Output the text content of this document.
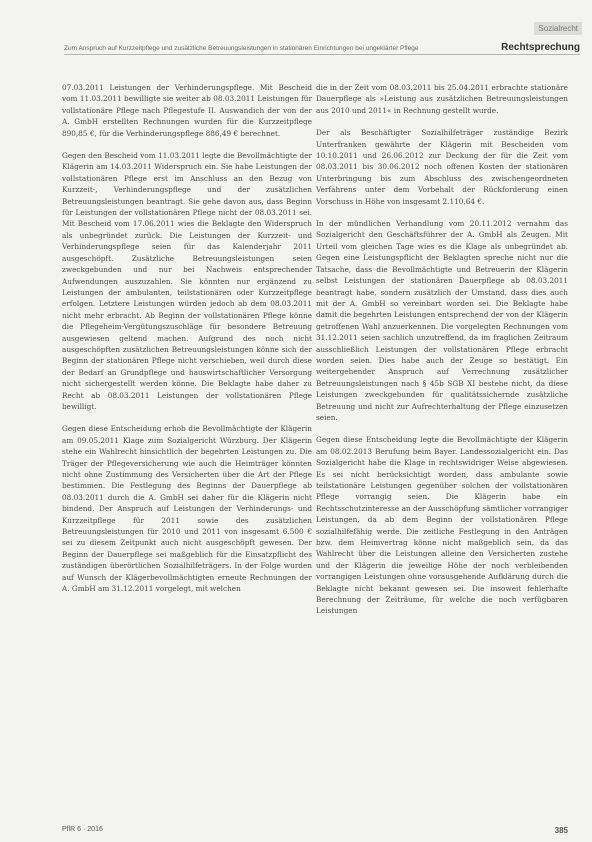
Sozialrecht
Zum Anspruch auf Kurzzeitpflege und zusätzliche Betreuungsleistungen in stationären Einrichtungen bei ungeklärter Pflege	Rechtsprechung

07.03.2011 Leistungen der Verhinderungspflege. Mit Bescheid vom 11.03.2011 bewilligte sie weiter ab 08.03.2011 Leistungen für vollstationäre Pflege nach Pflegestufe II. Auswandich der von der A. GmbH erstellten Rechnungen wurden für die Kurzzeitpflege 890,85 €, für die Verhinderungspflege 886,49 € berechnet.

Gegen den Bescheid vom 11.03.2011 legte die Bevollmächtigte der Klägerin am 14.03.2011 Widerspruch ein. Sie habe Leistungen der vollstationären Pflege erst im Anschluss an den Bezug von Kurzzeit-, Verhinderungspflege und der zusätzlichen Betreuungsleistungen beantragt. Sie gehe davon aus, dass Beginn für Leistungen der vollstationären Pflege nicht der 08.03.2011 sei. Mit Bescheid vom 17.06.2011 wies die Beklagte den Widerspruch als unbegründet zurück. Die Leistungen der Kurzzeit- und Verhinderungspflege seien für das Kalenderjahr 2011 ausgeschöpft. Zusätzliche Betreuungsleistungen seien zweckgebunden und nur bei Nachweis entsprechender Aufwendungen auszuzahlen. Sie könnten nur ergänzend zu Leistungen der ambulanten, teilstationären oder Kurzzeitpflege erfolgen. Letztere Leistungen würden jedoch ab dem 08.03.2011 nicht mehr erbracht. Ab Beginn der vollstationären Pflege könne die Pflegeheim-Vergütungszuschläge für besondere Betreuung ausgewiesen geltend machen. Aufgrund des noch nicht ausgeschöpften zusätzlichen Betreuungsleistungen könne sich der Beginn der stationären Pflege nicht verschieben, weil durch diese der Bedarf an Grundpflege und hauswirtschaftlicher Versorgung nicht sichergestellt werden könne. Die Beklagte habe daher zu Recht ab 08.03.2011 Leistungen der vollstationären Pflege bewilligt.

Gegen diese Entscheidung erhob die Bevollmächtigte der Klägerin am 09.05.2011 Klage zum Sozialgericht Würzburg. Der Klägerin stehe ein Wahlrecht hinsichtlich der begehrten Leistungen zu. Die Träger der Pflegeversicherung wie auch die Heimträger könnten nicht ohne Zustimmung des Versicherten über die Art der Pflege bestimmen. Die Festlegung des Beginns der Dauerpflege ab 08.03.2011 durch die A. GmbH sei daher für die Klägerin nicht bindend. Der Anspruch auf Leistungen der Verhinderungs- und Kurzzeitpflege für 2011 sowie des zusätzlichen Betreuungsleistungen für 2010 und 2011 von insgesamt 6.500 € sei zu diesem Zeitpunkt auch nicht ausgeschöpft gewesen. Der Beginn der Dauerpflege sei maßgeblich für die Einsatzpflicht des zuständigen überörtlichen Sozialhilfeträgers. In der Folge wurden auf Wunsch der Klägerbevollmächtigten erneute Rechnungen der A. GmbH am 31.12.2011 vorgelegt, mit welchen

die in der Zeit vom 08.03.2011 bis 25.04.2011 erbrachte stationäre Dauerpflege als »Leistung aus zusätzlichen Betreuungsleistungen aus 2010 und 2011« in Rechnung gestellt wurde.

Der als Beschäftigter Sozialhilfeträger zuständige Bezirk Unterfranken gewährte der Klägerin mit Bescheiden vom 10.10.2011 und 26.06.2012 zur Deckung der für die Zeit vom 08.03.2011 bis 30.06.2012 noch offenen Kosten der stationären Unterbringung bis zum Abschluss des zwischengeordneten Verfahrens unter dem Vorbehalt der Rückforderung einen Vorschuss in Höhe von insgesamt 2.110,64 €.

In der mündlichen Verhandlung vom 20.11.2012 vernahm das Sozialgericht den Geschäftsführer der A. GmbH als Zeugen. Mit Urteil vom gleichen Tage wies es die Klage als unbegründet ab. Gegen eine Leistungspflicht der Beklagten spreche nicht nur die Tatsache, dass die Bevollmächtigte und Betreuerin der Klägerin selbst Leistungen der stationären Dauerpflege ab 08.03.2011 beantragt habe, sondern zusätzlich der Umstand, dass dies auch mit der A. GmbH so vereinbart worden sei. Die Beklagte habe damit die begehrten Leistungen entsprechend der von der Klägerin getroffenen Wahl anzuerkennen. Die vorgelegten Rechnungen vom 31.12.2011 seien sachlich unzutreffend, da im fraglichen Zeitraum ausschließlich Leistungen der vollstationären Pflege erbracht worden seien. Dies habe auch der Zeuge so bestätigt. Ein weitergehender Anspruch auf Verrechnung zusätzlicher Betreuungsleistungen nach § 45b SGB XI bestehe nicht, da diese Leistungen zweckgebunden für qualitätssichernde zusätzliche Betreuung und nicht zur Aufrechterhaltung der Pflege einzusetzen seien.

Gegen diese Entscheidung legte die Bevollmächtigte der Klägerin am 08.02.2013 Berufung beim Bayer. Landessozialgericht ein. Das Sozialgericht habe die Klage in rechtswidriger Weise abgewiesen. Es sei nicht berücksichtigt worden, dass ambulante sowie teilstationäre Leistungen gegenüber solchen der vollstationären Pflege vorrangig seien. Die Klägerin habe ein Rechtsschutzinteresse an der Ausschöpfung sämtlicher vorrangiger Leistungen, da ab dem Beginn der vollstationären Pflege sozialhilfefähig werde. Die zeitliche Festlegung in den Anträgen bzw. dem Heimvertrag könne nicht maßgeblich sein, da das Wahlrecht über die Leistungen alleine den Versicherten zustehe und der Klägerin die jeweilige Höhe der noch verbleibenden vorrangigen Leistungen ohne vorausgehende Aufklärung durch die Beklagte nicht bekannt gewesen sei. Die insoweit fehlerhafte Berechnung der Zeiträume, für welche die noch verfügbaren Leistungen

PflR 6 · 2016	385
